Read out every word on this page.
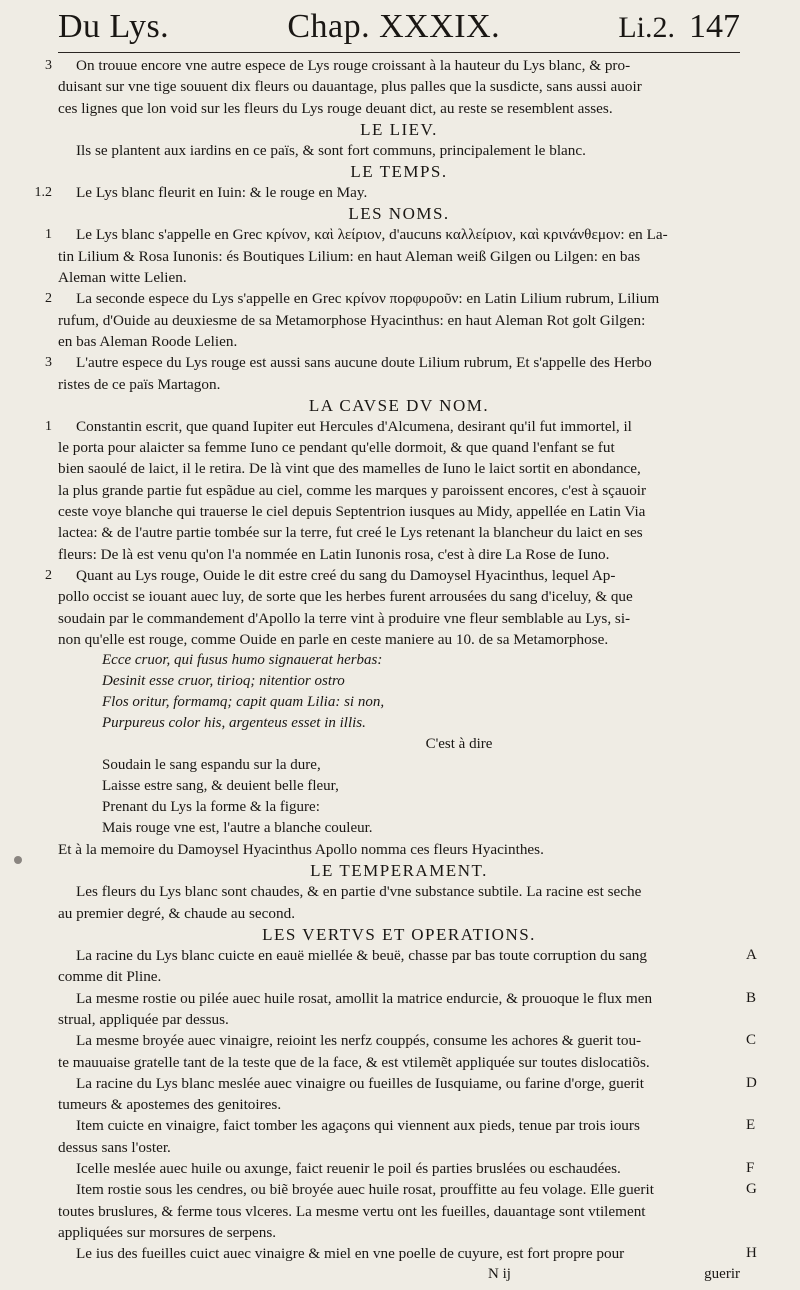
Du Lys.	Chap. XXXIX.	Li.2. 147
3	On trouue encore vne autre espece de Lys rouge croissant à la hauteur du Lys blanc, & pro-
duisant sur vne tige souuent dix fleurs ou dauantage, plus palles que la susdicte, sans aussi auoir
ces lignes que lon void sur les fleurs du Lys rouge deuant dict, au reste se resemblent asses.
LE LIEV.
Ils se plantent aux iardins en ce païs, & sont fort communs, principalement le blanc.
LE TEMPS.
1.2	Le Lys blanc fleurit en Iuin: & le rouge en May.
LES NOMS.
1	Le Lys blanc s'appelle en Grec κρίνον, καὶ λείριον, d'aucuns καλλείριον, καὶ κρινάνθεμον: en La-
tin Lilium & Rosa Iunonis: és Boutiques Lilium: en haut Aleman weiß Gilgen ou Lilgen: en bas
Aleman witte Lelien.
2	La seconde espece du Lys s'appelle en Grec κρίνον πορφυροῦν: en Latin Lilium rubrum, Lilium
rufum, d'Ouide au deuxiesme de sa Metamorphose Hyacinthus: en haut Aleman Rot golt Gilgen:
en bas Aleman Roode Lelien.
3	L'autre espece du Lys rouge est aussi sans aucune doute Lilium rubrum, Et s'appelle des Herbo
ristes de ce païs Martagon.
LA CAVSE DV NOM.
1	Constantin escrit, que quand Iupiter eut Hercules d'Alcumena, desirant qu'il fut immortel, il
le porta pour alaicter sa femme Iuno ce pendant qu'elle dormoit, & que quand l'enfant se fut
bien saoulé de laict, il le retira. De là vint que des mamelles de Iuno le laict sortit en abondance,
la plus grande partie fut espãdue au ciel, comme les marques y paroissent encores, c'est à sçauoir
ceste voye blanche qui trauerse le ciel depuis Septentrion iusques au Midy, appellée en Latin Via
lactea: & de l'autre partie tombée sur la terre, fut creé le Lys retenant la blancheur du laict en ses
fleurs: De là est venu qu'on l'a nommée en Latin Iunonis rosa, c'est à dire La Rose de Iuno.
2	Quant au Lys rouge, Ouide le dit estre creé du sang du Damoysel Hyacinthus, lequel Ap-
pollo occist se iouant auec luy, de sorte que les herbes furent arrousées du sang d'iceluy, & que
soudain par le commandement d'Apollo la terre vint à produire vne fleur semblable au Lys, si-
non qu'elle est rouge, comme Ouide en parle en ceste maniere au 10. de sa Metamorphose.
Ecce cruor, qui fusus humo signauerat herbas:
Desinit esse cruor, tirioq; nitentior ostro
Flos oritur, formamq; capit quam Lilia: si non,
Purpureus color his, argenteus esset in illis.
C'est à dire
Soudain le sang espandu sur la dure,
Laisse estre sang, & deuient belle fleur,
Prenant du Lys la forme & la figure:
Mais rouge vne est, l'autre a blanche couleur.
Et à la memoire du Damoysel Hyacinthus Apollo nomma ces fleurs Hyacinthes.
LE TEMPERAMENT.
Les fleurs du Lys blanc sont chaudes, & en partie d'vne substance subtile. La racine est seche
au premier degré, & chaude au second.
LES VERTVS ET OPERATIONS.
A
La racine du Lys blanc cuicte en eauë miellée & beuë, chasse par bas toute corruption du sang
comme dit Pline.
B
La mesme rostie ou pilée auec huile rosat, amollit la matrice endurcie, & prouoque le flux men
strual, appliquée par dessus.
C
La mesme broyée auec vinaigre, reioint les nerfz couppés, consume les achores & guerit tou-
te mauuaise gratelle tant de la teste que de la face, & est vtilemẽt appliquée sur toutes dislocatiõs.
D
La racine du Lys blanc meslée auec vinaigre ou fueilles de Iusquiame, ou farine d'orge, guerit
tumeurs & apostemes des genitoires.
E
Item cuicte en vinaigre, faict tomber les agaçons qui viennent aux pieds, tenue par trois iours
dessus sans l'oster.
F
Icelle meslée auec huile ou axunge, faict reuenir le poil és parties bruslées ou eschaudées.
G
Item rostie sous les cendres, ou biẽ broyée auec huile rosat, prouffitte au feu volage. Elle guerit
toutes bruslures, & ferme tous vlceres. La mesme vertu ont les fueilles, dauantage sont vtilement
appliquées sur morsures de serpens.
H
Le ius des fueilles cuict auec vinaigre & miel en vne poelle de cuyure, est fort propre pour
N ij	guerir
